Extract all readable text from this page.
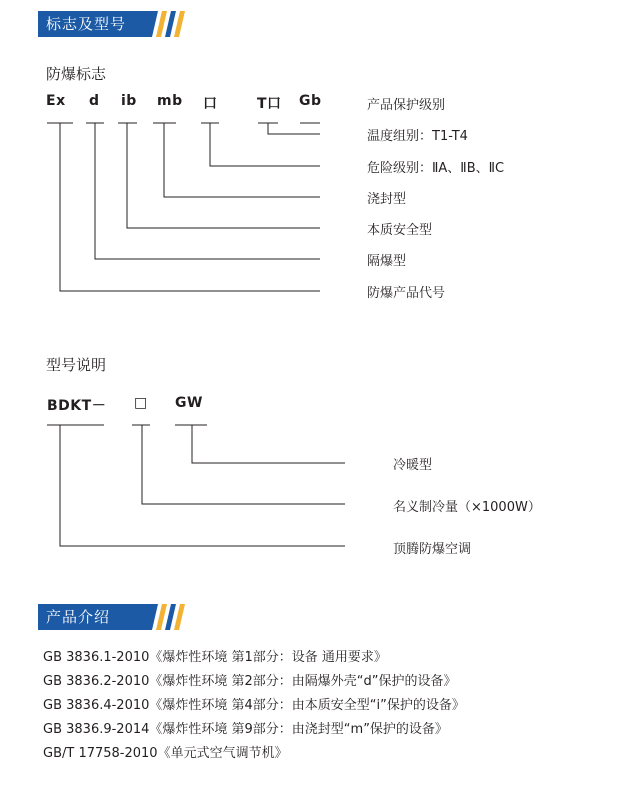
标志及型号
防爆标志
Ex d ib mb 口	T口 Gb	产品保护级别
温度组别：T1-T4
危险级别：ⅡA、ⅡB、ⅡC
浇封型
本质安全型
隔爆型
防爆产品代号
型号说明
BDKT－ □ GW
冷暖型
名义制冷量（×1000W）
顶腾防爆空调
产品介绍
GB 3836.1-2010《爆炸性环境 第1部分：设备 通用要求》
GB 3836.2-2010《爆炸性环境 第2部分：由隔爆外壳“d”保护的设备》
GB 3836.4-2010《爆炸性环境 第4部分：由本质安全型“i”保护的设备》
GB 3836.9-2014《爆炸性环境 第9部分：由浇封型“m”保护的设备》
GB/T 17758-2010《单元式空气调节机》
